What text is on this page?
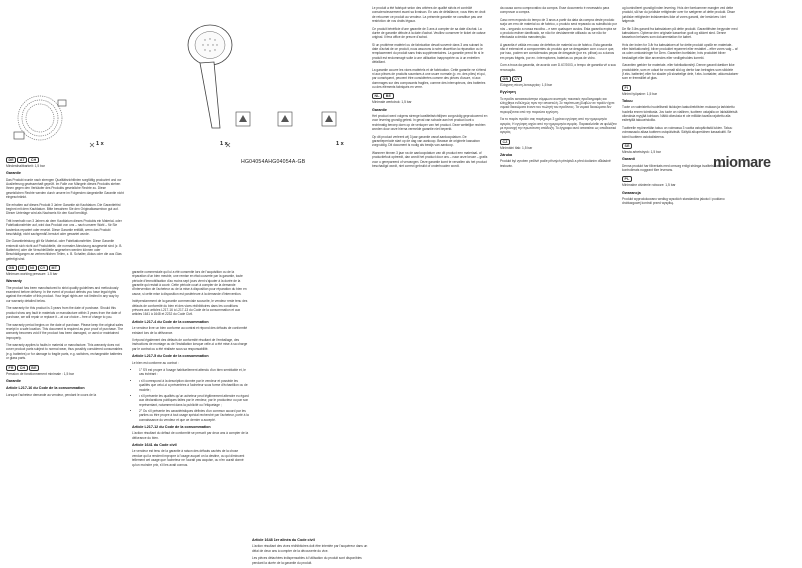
1 x	1 x	1 x
HG04054AHG04054A-GB	miomare
DE AT CH
Mindesthaltbarkeit: 1,5 bar
Garantie

Das Produkt wurde nach strengen Qualitätsrichtlinien sorgfältig produziert und vor Auslieferung gewissenhaft geprüft. Im Falle von Mängeln dieses Produkts stehen Ihnen gegen den Verkäufer des Produkts gesetzliche Rechte zu. Diese gesetzlichen Rechte werden durch unsere im Folgenden dargestellte Garantie nicht eingeschränkt.

Sie erhalten auf dieses Produkt 3 Jahre Garantie ab Kaufdatum. Die Garantiefrist beginnt mit dem Kaufdatum. Bitte bewahren Sie den Originalkassenbon gut auf. Dieser Unterlage wird als Nachweis für den Kauf benötigt.

Tritt innerhalb von 3 Jahren ab dem Kaufdatum dieses Produkts ein Material- oder Fabrikationsfehler auf, wird das Produkt von uns – nach unserer Wahl – für Sie kostenlos repariert oder ersetzt. Diese Garantie entfällt, wenn das Produkt beschädigt, nicht sachgemäß benutzt oder gewartet wurde.

Die Garantieleistung gilt für Material- oder Fabrikationsfehler. Diese Garantie erstreckt sich nicht auf Produktteile, die normaler Abnutzung ausgesetzt sind (z. B. Batterien) oder die Verschleißteile angesehen werden können oder Beschädigungen an zerbrechlichen Teilen, z. B. Schalter, Akkus oder die aus Glas gefertigt sind.

GB IE NI CY MT
Minimum working pressure: 1.5 bar
Warranty

The product has been manufactured to strict quality guidelines and meticulously examined before delivery. In the event of product defects you have legal rights against the retailer of this product. Your legal rights are not limited in any way by our warranty detailed below.

The warranty for this product is 3 years from the date of purchase. Should this product show any fault in materials or manufacture within 3 years from the date of purchase, we will repair or replace it – at our choice – free of charge to you.

The warranty period begins on the date of purchase. Please keep the original sales receipt in a safe location. This document is required as your proof of purchase. The warranty becomes void if the product has been damaged, or used or maintained improperly.

The warranty applies to faults in material or manufacture. This warranty does not cover product parts subject to normal wear, thus possibly considered consumables (e.g. batteries) or for damage to fragile parts, e.g. switches, rechargeable batteries or glass parts.

FR CH BE
Pression de fonctionnement minimale : 1,5 bar
Garantie
Article L217-16 du Code de la consommation

Lorsque l'acheteur demande au vendeur, pendant le cours de la

garantie commerciale qui lui a été consentie lors de l'acquisition ou de la réparation d'un bien meuble, une remise en état couverte par la garantie, toute période d'immobilisation d'au moins sept jours vient s'ajouter à la durée de la garantie qui restait à courir. Cette période court à compter de la demande d'intervention de l'acheteur ou de la mise à disposition pour réparation du bien en cause, si cette mise à disposition est postérieure à la demande d'intervention.

Indépendamment de la garantie commerciale souscrite, le vendeur reste tenu des défauts de conformité du bien et des vices rédhibitoires dans les conditions prévues aux articles L217-16 à L217-13 du Code de la consommation et aux articles 1641 à 1648 et 2232 du Code Civil.

Article L217-4 du Code de la consommation

Le vendeur livre un bien conforme au contrat et répond des défauts de conformité existant lors de la délivrance.

Il répond également des défauts de conformité résultant de l'emballage, des instructions de montage ou de l'installation lorsque celle-ci a été mise à sa charge par le contrat ou a été réalisée sous sa responsabilité.

Article L217-5 du Code de la consommation

Le bien est conforme au contrat :

• 1° S'il est propre à l'usage habituellement attendu d'un bien semblable et, le cas échéant :
• • s'il correspond à la description donnée par le vendeur et possède les qualités que celui-ci a présentées à l'acheteur sous forme d'échantillon ou de modèle ;
• • s'il présente les qualités qu'un acheteur peut légitimement attendre eu égard aux déclarations publiques faites par le vendeur, par le producteur ou par son représentant, notamment dans la publicité ou l'étiquetage ;
• 2° Ou s'il présente les caractéristiques définies d'un commun accord par les parties ou être propre à tout usage spécial recherché par l'acheteur, porté à la connaissance du vendeur et que ce dernier a accepté.
Article L217-12 du Code de la consommation

L'action résultant du défaut de conformité se prescrit par deux ans à compter de la délivrance du bien.

Article 1641 du Code civil

Le vendeur est tenu de la garantie à raison des défauts cachés de la chose vendue qui la rendent impropre à l'usage auquel on la destine, ou qui diminuent tellement cet usage que l'acheteur ne l'aurait pas acquise, ou n'en aurait donné qu'un moindre prix, s'il les avait connus.

Article 1648 1er alinéa du Code civil

L'action résultant des vices rédhibitoires doit être intentée par l'acquéreur dans un délai de deux ans à compter de la découverte du vice.

Les pièces détachées indispensables à l'utilisation du produit sont disponibles pendant la durée de la garantie du produit.

Le produit a été fabriqué selon des critères de qualité stricts et contrôlé consciencieusement avant sa livraison. En cas de défaillance, vous êtes en droit de retourner ce produit au vendeur. La présente garantie ne constitue pas une restriction de vos droits légaux.

Ce produit bénéficie d'une garantie de 3 ans à compter de sa date d'achat. La durée de garantie débute à la date d'achat. Veuillez conserver le ticket de caisse original. Il fera office de preuve d'achat.

Si un problème matériel ou de fabrication devait survenir dans 3 ans suivant la date d'achat de ce produit, nous assurons à notre discrétion la réparation ou le remplacement du produit sans frais supplémentaires. La garantie prend fin si le produit est endommagé suite à une utilisation inappropriée ou à un entretien défaillant.

La garantie couvre les vices matériels et de fabrication. Cette garantie ne s'étend ni aux pièces de produits soumises à une usure normale (p. ex. des piles) et qui, par conséquent, peuvent être considérées comme des pièces d'usure, ni aux dommages sur des composants fragiles, comme des interrupteurs, des batteries ou des éléments fabriqués en verre.

NL BE
Minimale werkdruk: 1,5 bar
Garantie

Het product werd volgens strenge kwaliteitsrichtlijnen zorgvuldig geproduceerd en voor levering grondig getest. In geval van schade aan het product kunt u rechtmatig beroep doen op de verkoper van het product. Deze wettelijke rechten worden door onze hierna vermelde garantie niet beperkt.

Op dit product verleent wij 3 jaar garantie vanaf aankoopdatum. De garantieperiode start op de dag van aankoop. Bewaar de originele kassabon zorgvuldig. Dit document is nodig als bewijs van aankoop.

Wanneer binnen 3 jaar na de aankoopdatum van dit product een materiaal- of productiefout optreedt, dan wordt het product door ons – naar onze keuze – gratis voor u gerepareerd of vervangen. Deze garantie komt te vervallen als het product beschadigd wordt, niet correct gebruikt of onderhouden wordt.

da causa como comprovativo da compra. Esse documento é necessário para comprovar a compra.

Caso nem exposto do tempo de 3 anos a partir da data da compra deste produto surja um erro de material ou de fabrico, o produto será reparado ou substituído por nós – segundo a nossa escolha – e sem quaisquer custos. Esta garantia expira se o produto estiver danificado, se não for devidamente utilizado ou se não for efectuada a devida manutenção.

A garantia é válida em caso de defeitos de material ou de fabrico. Esta garantia não é extensível a componentes do produto que se desgastam com o uso e que, por isso, podem ser considerados peças de desgaste (por ex. pilhas) ou a danos em peças frágeis, por ex.: interruptores, baterias ou peças de vidro.

Com a troca da garantia, de acordo com D.67/2003, o tempo de garantia vê a sua renovação.

GR CY
Ελάχιστη πίεση λειτουργίας: 1,5 bar
Εγγύηση

Το προϊόν κατασκευάστηκε σύμφωνα αυστηρές ποιοτικές προδιαγραφές και ελέγχθηκε ενδελεχώς πριν την αποστολή. Σε περίπτωση βλαβών σε προϊόν έχετε νομικά δικαιώματα έναντι του πωλητή του προϊόντος. Τα νομικά δικαιώματα δεν περιορίζονται από την παρούσα εγγύηση.

Για το παρόν προϊόν σας παρέχουμε 3 χρόνια εγγύηση από την ημερομηνία αγοράς. Η εγγύηση ισχύει από την ημερομηνία αγοράς. Παρακαλείσθε να φυλάξετε με προσοχή την πρωτότυπη απόδειξη. Το έγγραφο αυτό απαιτείται ως αποδεικτικό αγοράς.

CZ
Minimální tlak: 1,5 bar
Záruka

Produkt byl vyroben pečlivě podle přísných předpisů a před dodáním důkladně testován.

ug kontrolleret grundigt inden levering. Hvis der forekommer mangler ved dette produkt, så har du juridiske rettigheder over for sælgeren af dette produkt. Disse juridiske rettigheder indskrænkes ikke af vores garanti, der beskrives i det følgende.

De får 3 års garanti fra købsdatoen på dette produkt. Garantifristen begynder med købsdatoen. Opbevar den originale kassebon godt og sikkert sted. Denne kassebon behøves som dokumentation for købet.

Hvis der inden for 3 år fra købsdatoen af for dette produkt opstår en materiale- eller fabrikationsfejl, bliver produktet repareret eller erstattet – efter vores valg – af os uden omkostninger for Dem. Garantien bortfalder, hvis produktet bliver beskadiget eller ikke anvendes eller vedligeholdes korrekt.

Garantien gælder for materiale- eller fabrikationsfejl. Denne garanti dækker ikke produktdele, som er udsat for normalt slid og derfor kan betragtes som sliddele (f.eks. batterier) eller for skader på skrøbelige dele, f.eks. kontakter, akkumulatorer som er fremstillet af glas.

FI
Minimi työpaine: 1,5 bar
Takuu

Tuote on valmistettu huolellisesti tiukkojen laatudirektiivien mukaan ja tarkistettu huolella ennen toimitusta. Jos tuote on viallinen, tuotteen ostajalla on lakisääteisiä oikeuksia myyjää kohtaan. Näitä oikeuksia ei ole millään tavalla rajoitettu alla esitetyillä takuuehdoilla.

Tuotteelle myönnetään takuu on voimassa 3 vuotta ostopäivästä lukien. Takuu voimassaolo alkaa tuotteen ostopäivästä. Säilytä alkuperäinen kassakuitti. Se toimii tuotteen ostotodisteena.

SE
Minsta arbetstryck: 1,5 bar
Garanti

Denna produkt har tillverkats med omsorg enligt stränga kvalitetskrav och kontrollerats noggrant före leverans.

PL
Minimalne ciśnienie robocze: 1,5 bar
Gwarancja

Produkt wyprodukowano według wysokich standardów jakości i poddano drobiazgowej kontroli przed wysyłką.
